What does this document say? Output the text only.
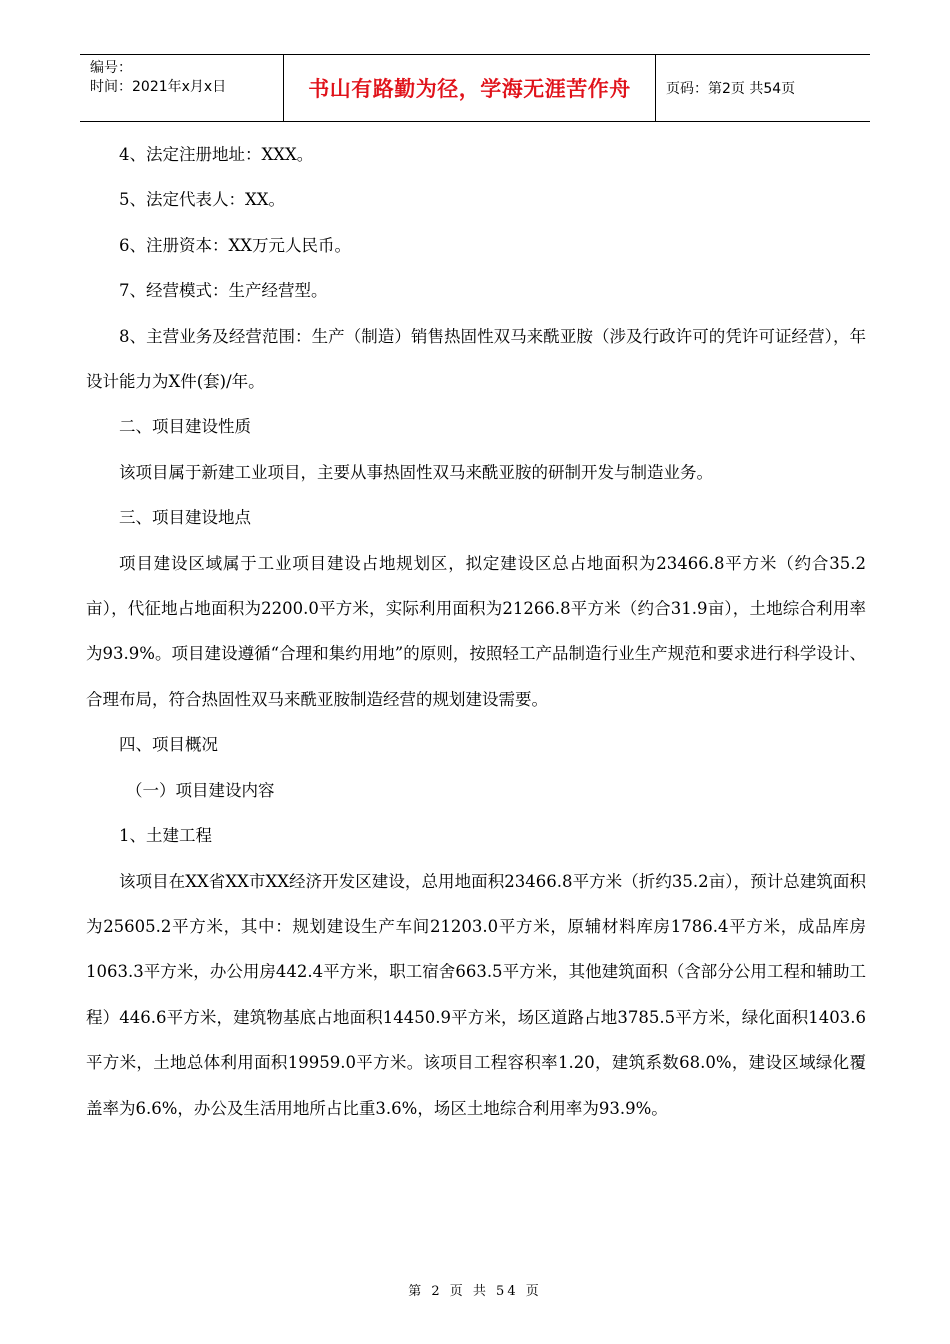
编号：
时间：2021年x月x日	书山有路勤为径，学海无涯苦作舟	页码：第2页 共54页

4、法定注册地址：XXX。

5、法定代表人：XX。

6、注册资本：XX万元人民币。

7、经营模式：生产经营型。

8、主营业务及经营范围：生产（制造）销售热固性双马来酰亚胺（涉及行政许可的凭许可证经营），年设计能力为X件(套)/年。

二、项目建设性质

该项目属于新建工业项目，主要从事热固性双马来酰亚胺的研制开发与制造业务。

三、项目建设地点

项目建设区域属于工业项目建设占地规划区，拟定建设区总占地面积为23466.8平方米（约合35.2亩），代征地占地面积为2200.0平方米，实际利用面积为21266.8平方米（约合31.9亩），土地综合利用率为93.9%。项目建设遵循“合理和集约用地”的原则，按照轻工产品制造行业生产规范和要求进行科学设计、合理布局，符合热固性双马来酰亚胺制造经营的规划建设需要。

四、项目概况

（一）项目建设内容

1、土建工程

该项目在XX省XX市XX经济开发区建设，总用地面积23466.8平方米（折约35.2亩），预计总建筑面积为25605.2平方米，其中：规划建设生产车间21203.0平方米，原辅材料库房1786.4平方米，成品库房1063.3平方米，办公用房442.4平方米，职工宿舍663.5平方米，其他建筑面积（含部分公用工程和辅助工程）446.6平方米，建筑物基底占地面积14450.9平方米，场区道路占地3785.5平方米，绿化面积1403.6平方米，土地总体利用面积19959.0平方米。该项目工程容积率1.20，建筑系数68.0%，建设区域绿化覆盖率为6.6%，办公及生活用地所占比重3.6%，场区土地综合利用率为93.9%。

第 2 页 共 54 页
